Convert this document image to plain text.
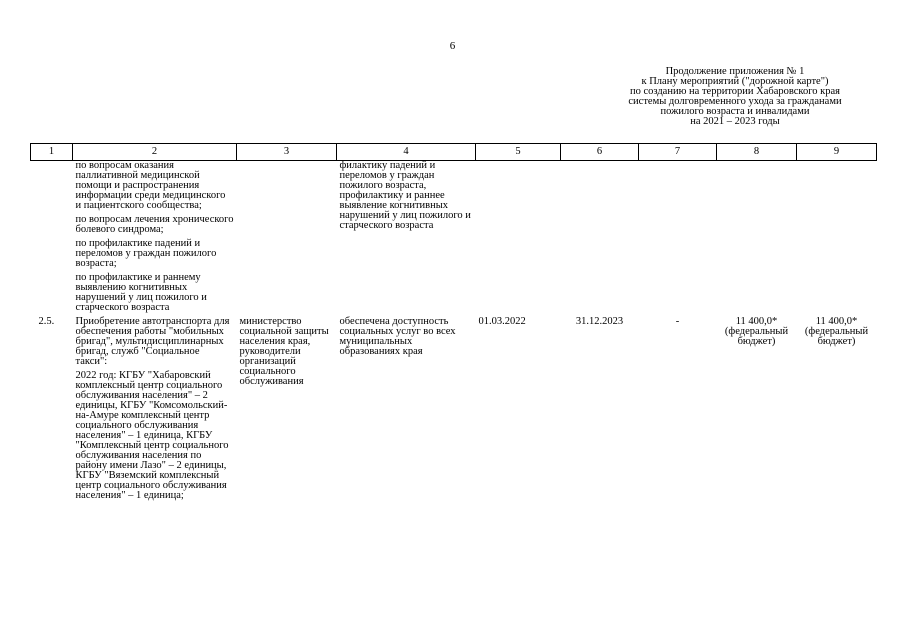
6
Продолжение приложения № 1
к Плану мероприятий ("дорожной карте")
по созданию на территории Хабаровского края
системы долговременного ухода за гражданами
пожилого возраста и инвалидами
на 2021 – 2023 годы
1	2	3	4	5	6	7	8	9

	по вопросам оказания паллиативной медицинской помощи и распространения информации среди медицинского и пациентского сообщества;
по вопросам лечения хронического болевого синдрома;
по профилактике падений и переломов у граждан пожилого возраста;
по профилактике и раннему выявлению когнитивных нарушений у лиц пожилого и старческого возраста		филактику падений и переломов у граждан пожилого возраста, профилактику и раннее выявление когнитивных нарушений у лиц пожилого и старческого возраста					
2.5.	Приобретение автотранспорта для обеспечения работы "мобильных бригад", мультидисциплинарных бригад, служб "Социальное такси":
2022 год: КГБУ "Хабаровский комплексный центр социального обслуживания населения" – 2 единицы, КГБУ "Комсомольский-на-Амуре комплексный центр социального обслуживания населения" – 1 единица, КГБУ "Комплексный центр социального обслуживания населения по району имени Лазо" – 2 единицы, КГБУ "Вяземский комплексный центр социального обслуживания населения" – 1 единица;	министерство социальной защиты населения края, руководители организаций социального обслуживания	обеспечена доступность социальных услуг во всех муниципальных образованиях края	01.03.2022	31.12.2023	-	11 400,0* (федеральный бюджет)	11 400,0* (федеральный бюджет)
